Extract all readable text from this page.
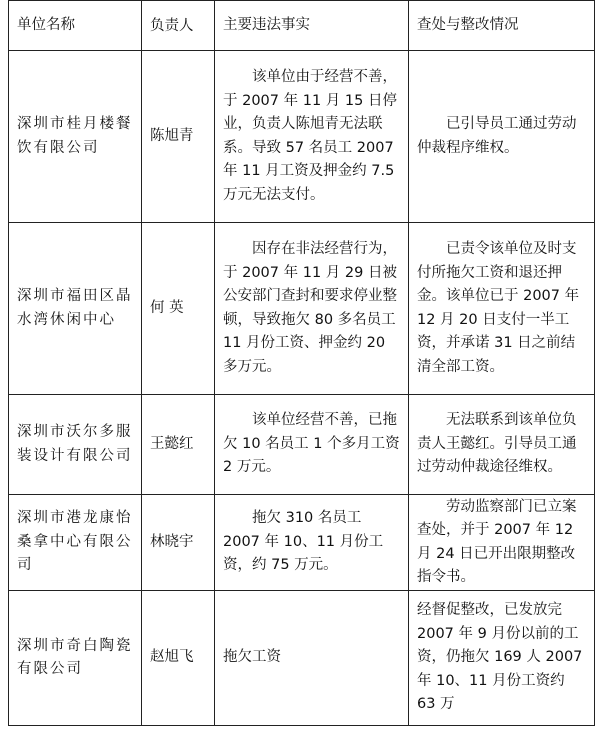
单位名称	负责人	主要违法事实	查处与整改情况
深圳市桂月楼餐饮有限公司	陈旭青	该单位由于经营不善，于 2007 年 11 月 15 日停业，负责人陈旭青无法联系。导致 57 名员工 2007 年 11 月工资及押金约 7.5 万元无法支付。	已引导员工通过劳动仲裁程序维权。

深圳市福田区晶水湾休闲中心	何 英	因存在非法经营行为，于 2007 年 11 月 29 日被公安部门查封和要求停业整顿，导致拖欠 80 多名员工 11 月份工资、押金约 20 多万元。	已责令该单位及时支付所拖欠工资和退还押金。该单位已于 2007 年 12 月 20 日支付一半工资，并承诺 31 日之前结清全部工资。

深圳市沃尔多服装设计有限公司	王懿红	该单位经营不善，已拖欠 10 名员工 1 个多月工资 2 万元。	无法联系到该单位负责人王懿红。引导员工通过劳动仲裁途径维权。

深圳市港龙康怡桑拿中心有限公司	林晓宇	拖欠 310 名员工 2007 年 10、11 月份工资，约 75 万元。	劳动监察部门已立案查处，并于 2007 年 12 月 24 日已开出限期整改指令书。

深圳市奇白陶瓷有限公司	赵旭飞	拖欠工资	经督促整改，已发放完 2007 年 9 月份以前的工资，仍拖欠 169 人 2007 年 10、11 月份工资约 63 万
